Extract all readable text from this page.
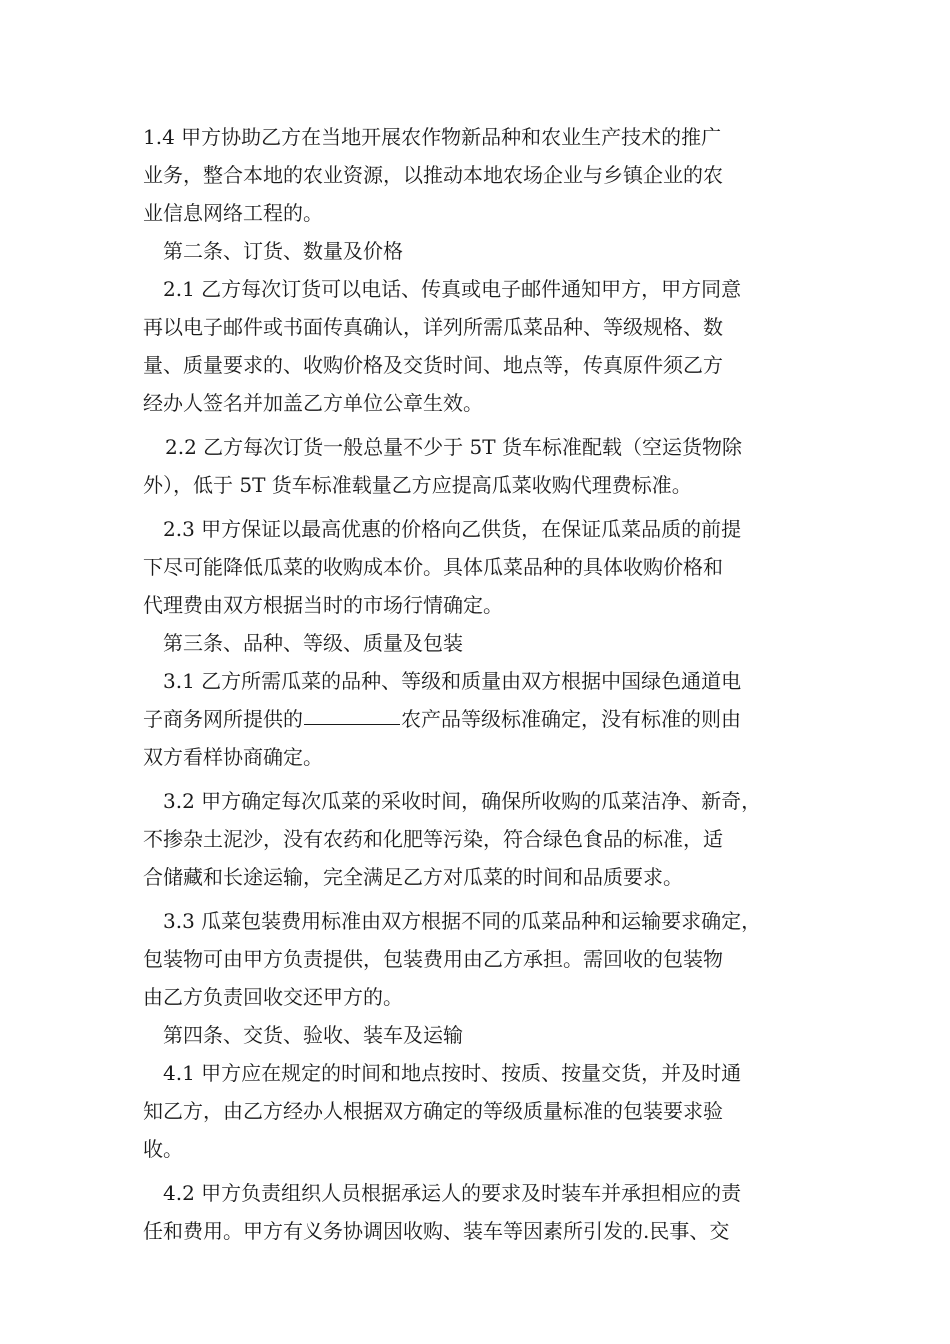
1.4 甲方协助乙方在当地开展农作物新品种和农业生产技术的推广
业务，整合本地的农业资源，以推动本地农场企业与乡镇企业的农
业信息网络工程的。
第二条、订货、数量及价格
2.1 乙方每次订货可以电话、传真或电子邮件通知甲方，甲方同意
再以电子邮件或书面传真确认，详列所需瓜菜品种、等级规格、数
量、质量要求的、收购价格及交货时间、地点等，传真原件须乙方
经办人签名并加盖乙方单位公章生效。
2.2 乙方每次订货一般总量不少于 5T 货车标准配载（空运货物除
外），低于 5T 货车标准载量乙方应提高瓜菜收购代理费标准。
2.3 甲方保证以最高优惠的价格向乙供货，在保证瓜菜品质的前提
下尽可能降低瓜菜的收购成本价。具体瓜菜品种的具体收购价格和
代理费由双方根据当时的市场行情确定。
第三条、品种、等级、质量及包装
3.1 乙方所需瓜菜的品种、等级和质量由双方根据中国绿色通道电
子商务网所提供的	农产品等级标准确定，没有标准的则由
双方看样协商确定。
3.2 甲方确定每次瓜菜的采收时间，确保所收购的瓜菜洁净、新奇，
不掺杂土泥沙，没有农药和化肥等污染，符合绿色食品的标准，适
合储藏和长途运输，完全满足乙方对瓜菜的时间和品质要求。
3.3 瓜菜包装费用标准由双方根据不同的瓜菜品种和运输要求确定，
包装物可由甲方负责提供，包装费用由乙方承担。需回收的包装物
由乙方负责回收交还甲方的。
第四条、交货、验收、装车及运输
4.1 甲方应在规定的时间和地点按时、按质、按量交货，并及时通
知乙方，由乙方经办人根据双方确定的等级质量标准的包装要求验
收。
4.2 甲方负责组织人员根据承运人的要求及时装车并承担相应的责
任和费用。甲方有义务协调因收购、装车等因素所引发的.民事、交
